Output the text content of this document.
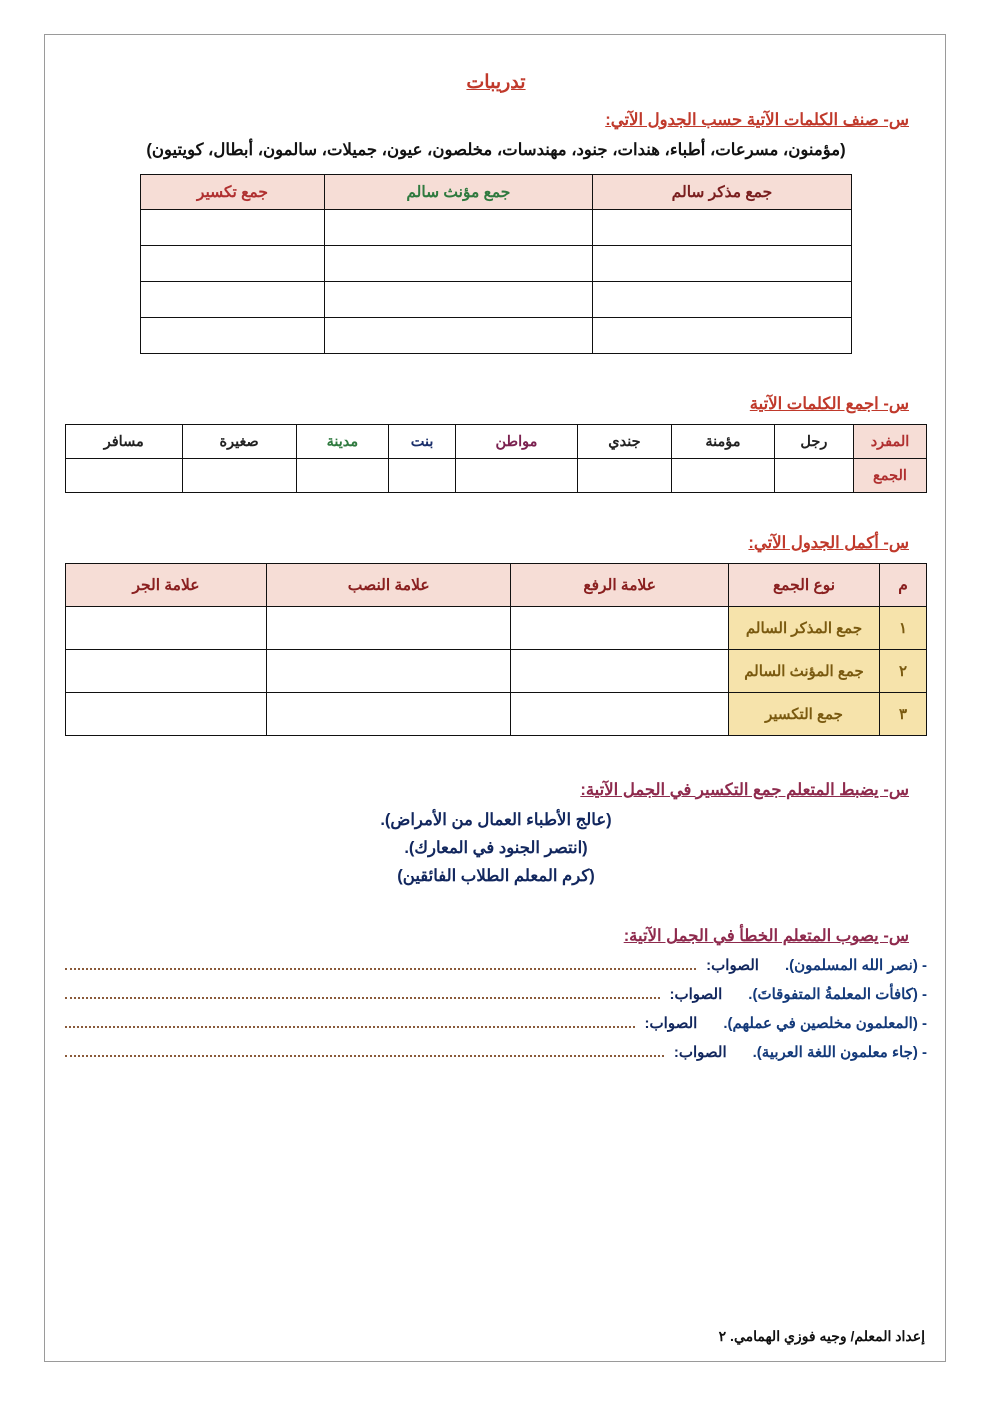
تدريبات
س- صنف الكلمات الآتية حسب الجدول الآتي:
(مؤمنون، مسرعات، أطباء، هندات، جنود، مهندسات، مخلصون، عيون، جميلات، سالمون، أبطال، كويتيون)
جمع مذكر سالم	جمع مؤنث سالم	جمع تكسير

س- اجمع الكلمات الآتية
المفرد	رجل	مؤمنة	جندي	مواطن	بنت	مدينة	صغيرة	مسافر
الجمع								
س- أكمل الجدول الآتي:
م	نوع الجمع	علامة الرفع	علامة النصب	علامة الجر
١	جمع المذكر السالم			
٢	جمع المؤنث السالم			
٣	جمع التكسير			
س- يضبط المتعلم جمع التكسير في الجمل الآتية:
(عالج الأطباء العمال من الأمراض).
(انتصر الجنود في المعارك).
(كرم المعلم الطلاب الفائقين)
س- يصوب المتعلم الخطأ في الجمل الآتية:
- (نصر الله المسلمون).
الصواب:
- (كافأت المعلمةُ المتفوقاتَ).
الصواب:
- (المعلمون مخلصين في عملهم).
الصواب:
- (جاء معلمون اللغة العربية).
الصواب:
إعداد المعلم/ وجيه فوزي الهمامي. ٢
